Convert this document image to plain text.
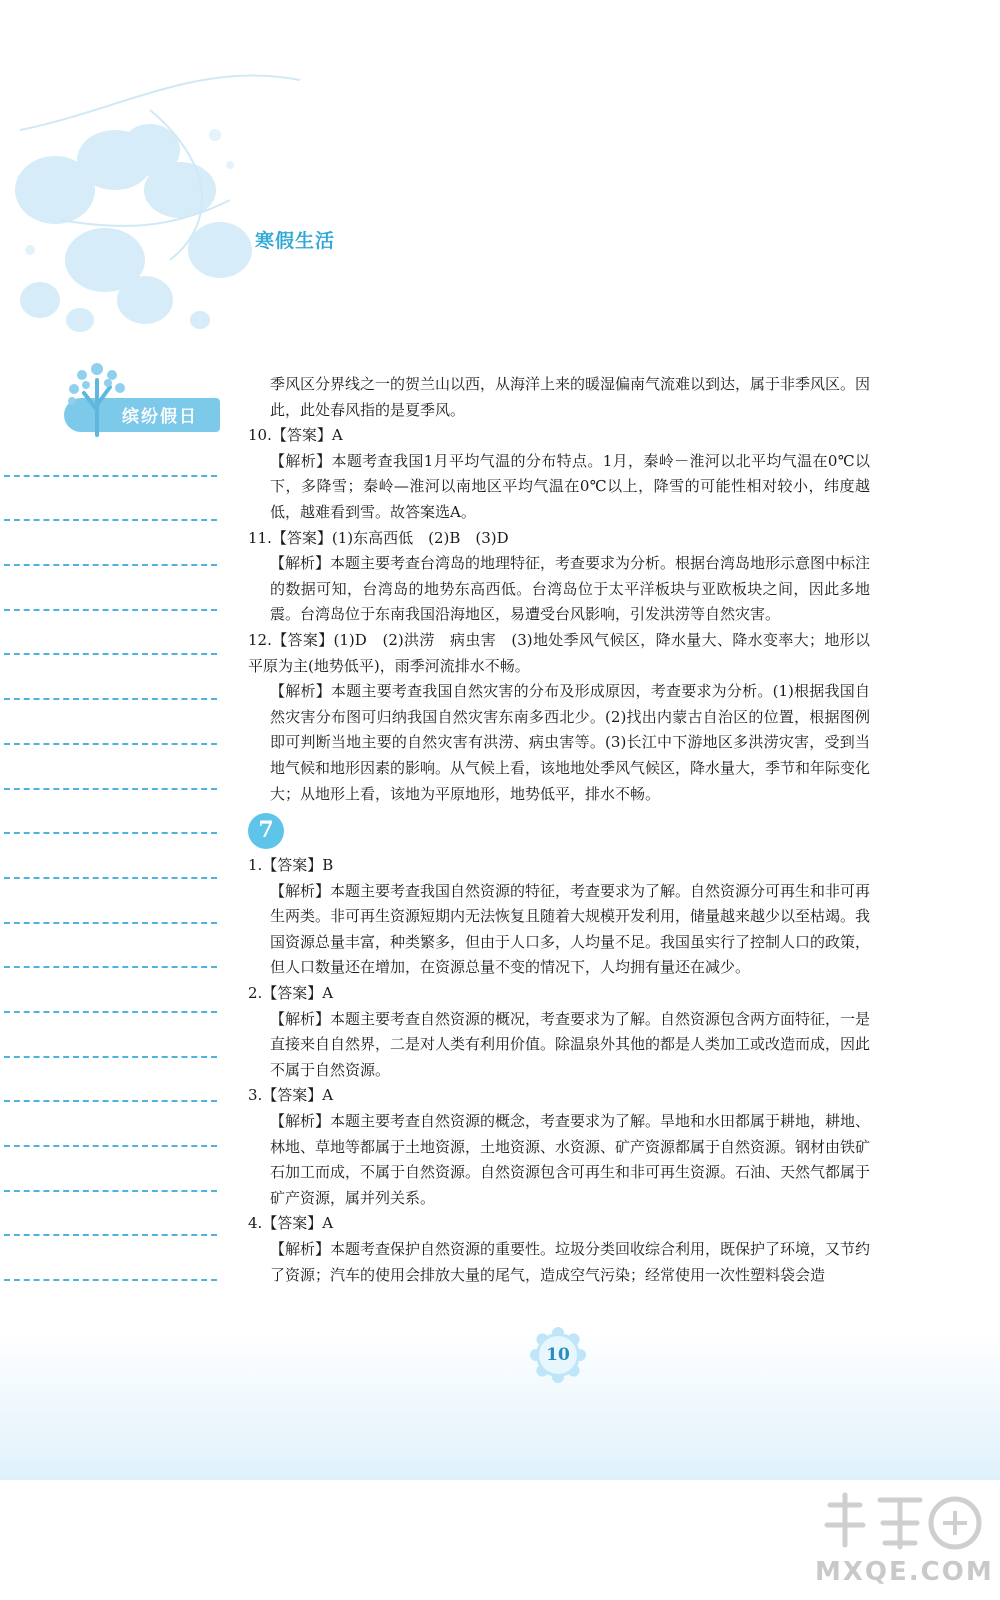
寒假生活
缤纷假日

季风区分界线之一的贺兰山以西，从海洋上来的暖湿偏南气流难以到达，属于非季风区。因此，此处春风指的是夏季风。

10.【答案】A

【解析】本题考查我国1月平均气温的分布特点。1月，秦岭－淮河以北平均气温在0℃以下，多降雪；秦岭—淮河以南地区平均气温在0℃以上，降雪的可能性相对较小，纬度越低，越难看到雪。故答案选A。

11.【答案】(1)东高西低　(2)B　(3)D

【解析】本题主要考查台湾岛的地理特征，考查要求为分析。根据台湾岛地形示意图中标注的数据可知，台湾岛的地势东高西低。台湾岛位于太平洋板块与亚欧板块之间，因此多地震。台湾岛位于东南我国沿海地区，易遭受台风影响，引发洪涝等自然灾害。

12.【答案】(1)D　(2)洪涝　病虫害　(3)地处季风气候区，降水量大、降水变率大；地形以平原为主(地势低平)，雨季河流排水不畅。

【解析】本题主要考查我国自然灾害的分布及形成原因，考查要求为分析。(1)根据我国自然灾害分布图可归纳我国自然灾害东南多西北少。(2)找出内蒙古自治区的位置，根据图例即可判断当地主要的自然灾害有洪涝、病虫害等。(3)长江中下游地区多洪涝灾害，受到当地气候和地形因素的影响。从气候上看，该地地处季风气候区，降水量大，季节和年际变化大；从地形上看，该地为平原地形，地势低平，排水不畅。

7

1.【答案】B

【解析】本题主要考查我国自然资源的特征，考查要求为了解。自然资源分可再生和非可再生两类。非可再生资源短期内无法恢复且随着大规模开发利用，储量越来越少以至枯竭。我国资源总量丰富，种类繁多，但由于人口多，人均量不足。我国虽实行了控制人口的政策，但人口数量还在增加，在资源总量不变的情况下，人均拥有量还在减少。

2.【答案】A

【解析】本题主要考查自然资源的概况，考查要求为了解。自然资源包含两方面特征，一是直接来自自然界，二是对人类有利用价值。除温泉外其他的都是人类加工或改造而成，因此不属于自然资源。

3.【答案】A

【解析】本题主要考查自然资源的概念，考查要求为了解。旱地和水田都属于耕地，耕地、林地、草地等都属于土地资源，土地资源、水资源、矿产资源都属于自然资源。钢材由铁矿石加工而成，不属于自然资源。自然资源包含可再生和非可再生资源。石油、天然气都属于矿产资源，属并列关系。

4.【答案】A

【解析】本题考查保护自然资源的重要性。垃圾分类回收综合利用，既保护了环境，又节约了资源；汽车的使用会排放大量的尾气，造成空气污染；经常使用一次性塑料袋会造

10
MXQE.COM
